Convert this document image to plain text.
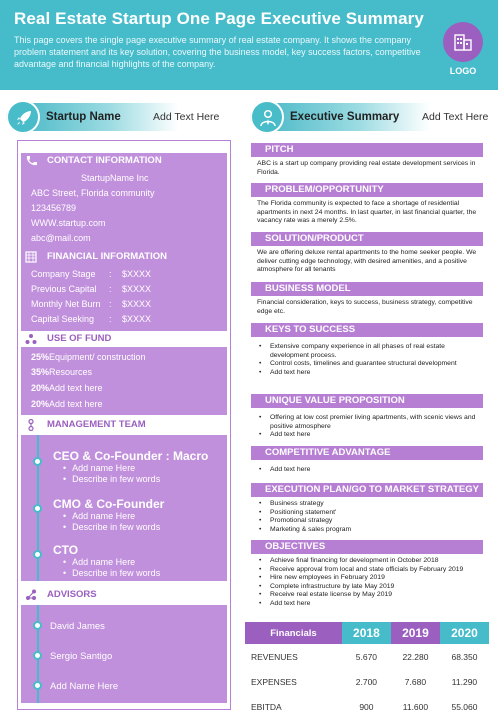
Real Estate Startup One Page Executive Summary

This page covers the single page executive summary of real estate company. It shows the company problem statement and its key solution, covering the business model, key success factors, competitive advantage and financial highlights of the company.

LOGO
Startup Name	Add Text Here	Executive Summary Add Text Here
CONTACT INFORMATION
StartupName Inc
ABC Street, Florida community
123456789
WWW.startup.com
abc@mail.com
FINANCIAL INFORMATION
Company Stage : $XXXX
Previous Capital : $XXXX
Monthly Net Burn : $XXXX
Capital Seeking : $XXXX
USE OF FUND
25% Equipment/ construction
35% Resources
20% Add text here
20% Add text here
MANAGEMENT TEAM
CEO & Co-Founder : Macro
• Add name Here
• Describe in few words
CMO & Co-Founder
• Add name Here
• Describe in few words
CTO
• Add name Here
• Describe in few words
ADVISORS
David James
Sergio Santigo
Add Name Here
PITCH
ABC is a start up company providing real estate development services in Florida.
PROBLEM/OPPORTUNITY
The Florida community is expected to face a shortage of residential apartments in next 24 months. In last quarter, in last financial quarter, the vacancy rate was a merely 2.5%.
SOLUTION/PRODUCT
We are offering deluxe rental apartments to the home seeker people. We deliver cutting edge technology, with desired amenities, and a positive atmosphere for all tenants
BUSINESS MODEL
Financial consideration, keys to success, business strategy, competitive edge etc.
KEYS TO SUCCESS
• Extensive company experience in all phases of real estate development process.
• Control costs, timelines and guarantee structural development
• Add text here
UNIQUE VALUE PROPOSITION
• Offering at low cost premier living apartments, with scenic views and positive atmosphere
• Add text here
COMPETITIVE ADVANTAGE
• Add text here
EXECUTION PLAN/GO TO MARKET STRATEGY
• Business strategy
• Positioning statement'
• Promotional strategy
• Marketing & sales program
OBJECTIVES
• Achieve final financing for development in October 2018
• Receive approval from local and state officials by February 2019
• Hire new employees in February 2019
• Complete infrastructure by late May 2019
• Receive real estate license by May 2019
• Add text here
Financials	2018	2019	2020
REVENUES	5.670	22.280	68.350
EXPENSES	2.700	7.680	11.290
EBITDA	900	11.600	55.060
